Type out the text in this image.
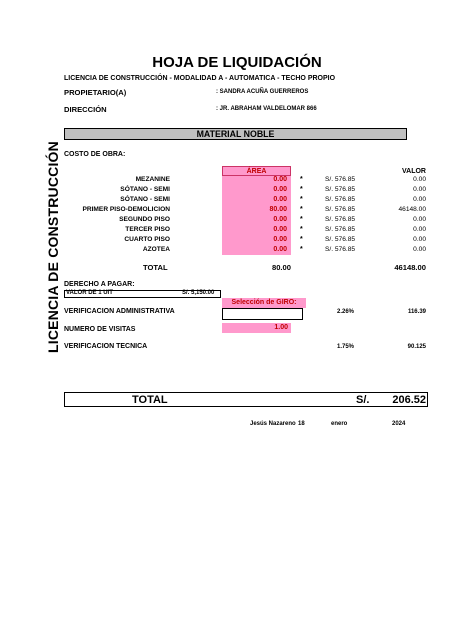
HOJA DE LIQUIDACIÓN
LICENCIA DE CONSTRUCCIÓN - MODALIDAD A - AUTOMATICA - TECHO PROPIO
PROPIETARIO(A)	: SANDRA ACUÑA GUERREROS
DIRECCIÓN	: JR. ABRAHAM VALDELOMAR 866
MATERIAL NOBLE
LICENCIA DE CONSTRUCCIÓN COSTO DE OBRA:
ÁREA	VALOR
MEZANINE	0.00 *	S/. 576.85	0.00
SÓTANO - SEMI	0.00 *	S/. 576.85	0.00
SÓTANO - SEMI	0.00 *	S/. 576.85	0.00
PRIMER PISO-DEMOLICION	80.00 *	S/. 576.85	46148.00
SEGUNDO PISO	0.00 *	S/. 576.85	0.00
TERCER PISO	0.00 *	S/. 576.85	0.00
CUARTO PISO	0.00 *	S/. 576.85	0.00
AZOTEA	0.00 *	S/. 576.85	0.00
TOTAL	80.00	46148.00
DERECHO A PAGAR:
VALOR DE 1 UIT	S/. 5,150.00
Selección de GIRO:
VERIFICACION ADMINISTRATIVA	2.26%	116.39
NUMERO DE VISITAS	1.00
VERIFICACION TECNICA	1.75%	90.125
TOTAL	S/.	206.52
Jesús Nazareno 18	enero	2024
